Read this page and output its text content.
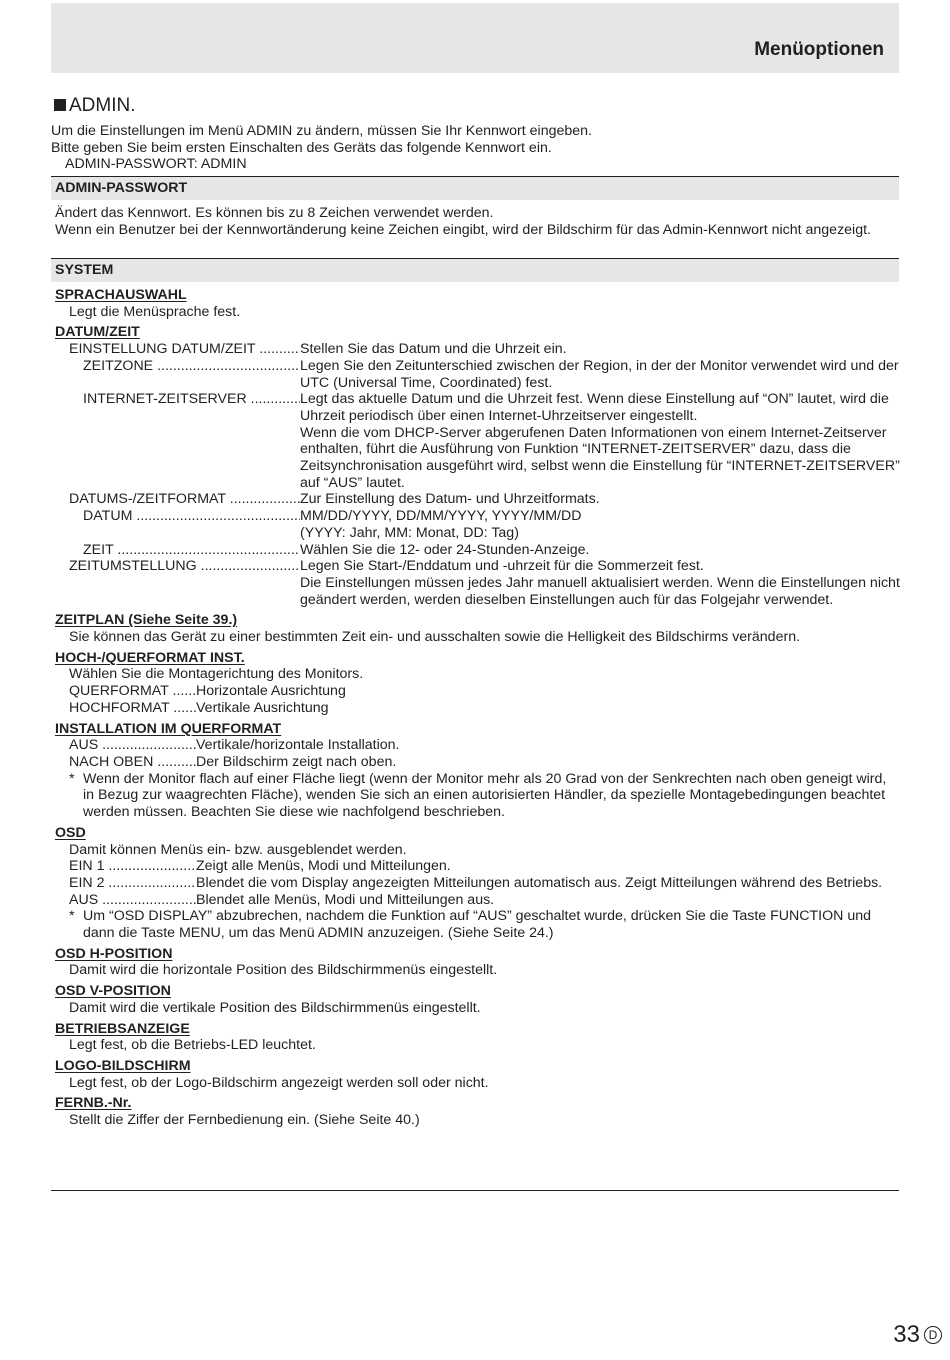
Menüoptionen
ADMIN.
Um die Einstellungen im Menü ADMIN zu ändern, müssen Sie Ihr Kennwort eingeben.
Bitte geben Sie beim ersten Einschalten des Geräts das folgende Kennwort ein.
ADMIN-PASSWORT: ADMIN
ADMIN-PASSWORT
Ändert das Kennwort. Es können bis zu 8 Zeichen verwendet werden.
Wenn ein Benutzer bei der Kennwortänderung keine Zeichen eingibt, wird der Bildschirm für das Admin-Kennwort nicht angezeigt.
SYSTEM
SPRACHAUSWAHL
Legt die Menüsprache fest.
DATUM/ZEIT
EINSTELLUNG DATUM/ZEIT .....	Stellen Sie das Datum und die Uhrzeit ein.
ZEITZONE .....	Legen Sie den Zeitunterschied zwischen der Region, in der der Monitor verwendet wird und der UTC (Universal Time, Coordinated) fest.
INTERNET-ZEITSERVER .....	Legt das aktuelle Datum und die Uhrzeit fest. Wenn diese Einstellung auf “ON” lautet, wird die Uhrzeit periodisch über einen Internet-Uhrzeitserver eingestellt.
Wenn die vom DHCP-Server abgerufenen Daten Informationen von einem Internet-Zeitserver enthalten, führt die Ausführung von Funktion “INTERNET-ZEITSERVER” dazu, dass die Zeitsynchronisation ausgeführt wird, selbst wenn die Einstellung für “INTERNET-ZEITSERVER” auf “AUS” lautet.
DATUMS-/ZEITFORMAT .....	Zur Einstellung des Datum- und Uhrzeitformats.
DATUM .....	MM/DD/YYYY, DD/MM/YYYY, YYYY/MM/DD
(YYYY: Jahr, MM: Monat, DD: Tag)
ZEIT .....	Wählen Sie die 12- oder 24-Stunden-Anzeige.
ZEITUMSTELLUNG .....	Legen Sie Start-/Enddatum und -uhrzeit für die Sommerzeit fest.
Die Einstellungen müssen jedes Jahr manuell aktualisiert werden. Wenn die Einstellungen nicht geändert werden, werden dieselben Einstellungen auch für das Folgejahr verwendet.
ZEITPLAN (Siehe Seite 39.)
Sie können das Gerät zu einer bestimmten Zeit ein- und ausschalten sowie die Helligkeit des Bildschirms verändern.
HOCH-/QUERFORMAT INST.
Wählen Sie die Montagerichtung des Monitors.
QUERFORMAT .....	Horizontale Ausrichtung
HOCHFORMAT .....	Vertikale Ausrichtung
INSTALLATION IM QUERFORMAT
AUS .....	Vertikale/horizontale Installation.
NACH OBEN .....	Der Bildschirm zeigt nach oben.
* Wenn der Monitor flach auf einer Fläche liegt (wenn der Monitor mehr als 20 Grad von der Senkrechten nach oben geneigt wird, in Bezug zur waagrechten Fläche), wenden Sie sich an einen autorisierten Händler, da spezielle Montagebedingungen beachtet werden müssen. Beachten Sie diese wie nachfolgend beschrieben.
OSD
Damit können Menüs ein- bzw. ausgeblendet werden.
EIN 1 .....	Zeigt alle Menüs, Modi und Mitteilungen.
EIN 2 .....	Blendet die vom Display angezeigten Mitteilungen automatisch aus. Zeigt Mitteilungen während des Betriebs.
AUS .....	Blendet alle Menüs, Modi und Mitteilungen aus.
* Um “OSD DISPLAY” abzubrechen, nachdem die Funktion auf “AUS” geschaltet wurde, drücken Sie die Taste FUNCTION und dann die Taste MENU, um das Menü ADMIN anzuzeigen. (Siehe Seite 24.)
OSD H-POSITION
Damit wird die horizontale Position des Bildschirmmenüs eingestellt.
OSD V-POSITION
Damit wird die vertikale Position des Bildschirmmenüs eingestellt.
BETRIEBSANZEIGE
Legt fest, ob die Betriebs-LED leuchtet.
LOGO-BILDSCHIRM
Legt fest, ob der Logo-Bildschirm angezeigt werden soll oder nicht.
FERNB.-Nr.
Stellt die Ziffer der Fernbedienung ein. (Siehe Seite 40.)
33 D
